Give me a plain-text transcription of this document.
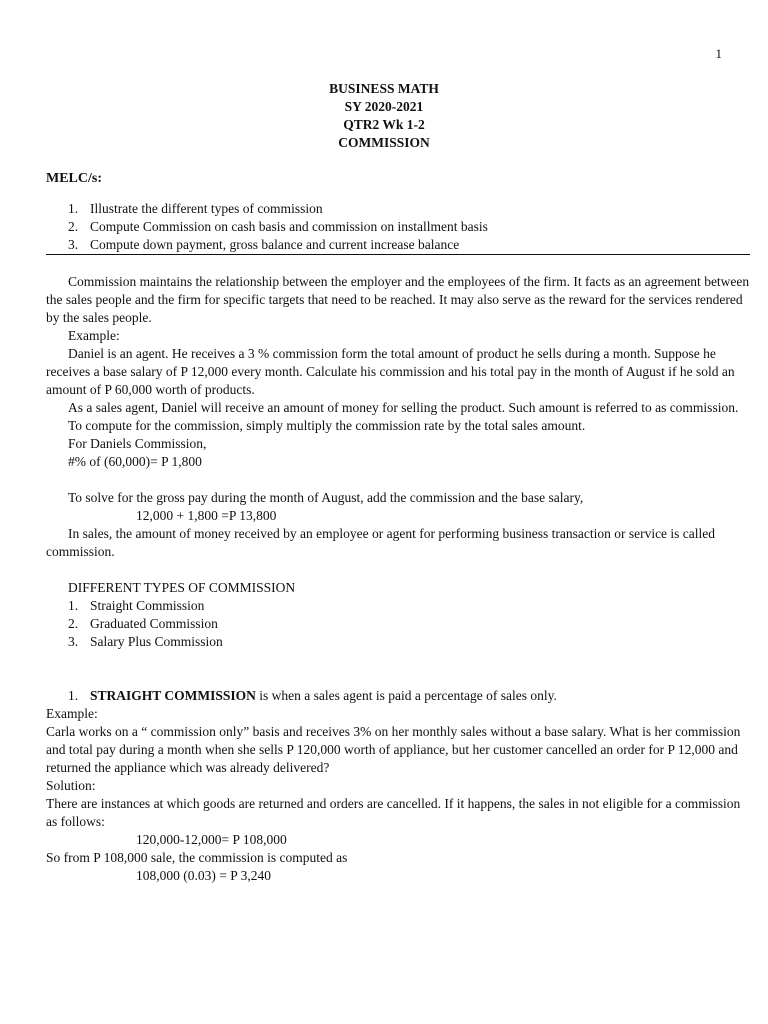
1
BUSINESS MATH
SY 2020-2021
QTR2 Wk 1-2
COMMISSION
MELC/s:
1. Illustrate the different types of commission
2. Compute Commission on cash basis and commission on installment basis
3. Compute down payment, gross balance and current increase balance
Commission maintains the relationship between the employer and the employees of the firm. It facts as an agreement between the sales people and the firm for specific targets that need to be reached. It may also serve as the reward for the services rendered by the sales people.
Example:
Daniel is an agent. He receives a 3 % commission form the total amount of product he sells during a month. Suppose he receives a base salary of P 12,000 every month. Calculate his commission and his total pay in the month of August if he sold an amount of P 60,000 worth of products.
As a sales agent, Daniel will receive an amount of money for selling the product. Such amount is referred to as commission.
To compute for the commission, simply multiply the commission rate by the total sales amount.
For Daniels Commission,
#% of (60,000)= P 1,800
To solve for the gross pay during the month of August, add the commission and the base salary,
12,000 + 1,800 =P 13,800
In sales, the amount of money received by an employee or agent for performing business transaction or service is called commission.
DIFFERENT TYPES OF COMMISSION
1. Straight Commission
2. Graduated Commission
3. Salary Plus Commission
1. STRAIGHT COMMISSION is when a sales agent is paid a percentage of sales only.
Example:
Carla works on a “ commission only” basis and receives 3% on her monthly sales without a base salary. What is her commission and total pay during a month when she sells P 120,000 worth of appliance, but her customer cancelled an order for P 12,000 and returned the appliance which was already delivered?
Solution:
There are instances at which goods are returned and orders are cancelled. If it happens, the sales in not eligible for a commission as follows:
120,000-12,000= P 108,000
So from P 108,000 sale, the commission is computed as
108,000 (0.03) = P 3,240
